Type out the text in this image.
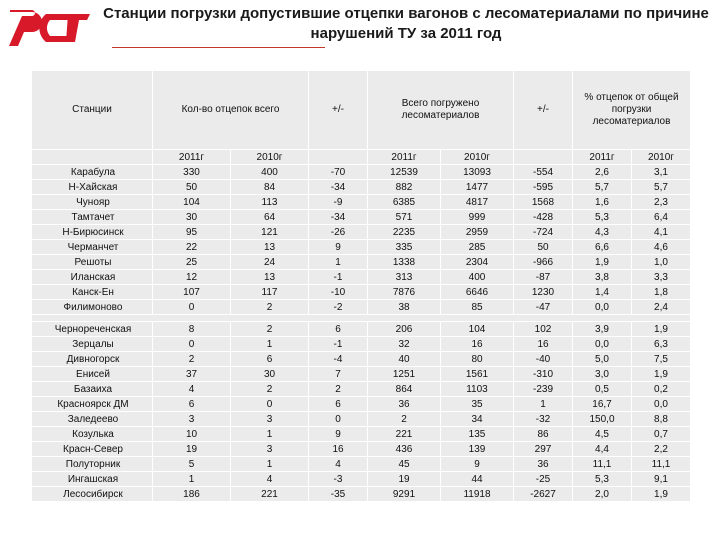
Станции погрузки допустившие отцепки вагонов с лесоматериалами по причине нарушений ТУ за 2011 год
Станции	Кол-во отцепок всего		+/-	Всего погружено лесоматериалов		+/-	% отцепок от общей погрузки лесоматериалов	

	2011г	2010г		2011г	2010г		2011г	2010г
Карабула	330	400	-70	12539	13093	-554	2,6	3,1
Н-Хайская	50	84	-34	882	1477	-595	5,7	5,7
Чунояр	104	113	-9	6385	4817	1568	1,6	2,3
Тамтачет	30	64	-34	571	999	-428	5,3	6,4
Н-Бирюсинск	95	121	-26	2235	2959	-724	4,3	4,1
Черманчет	22	13	9	335	285	50	6,6	4,6
Решоты	25	24	1	1338	2304	-966	1,9	1,0
Иланская	12	13	-1	313	400	-87	3,8	3,3
Канск-Ен	107	117	-10	7876	6646	1230	1,4	1,8
Филимоново	0	2	-2	38	85	-47	0,0	2,4

Чернореченская	8	2	6	206	104	102	3,9	1,9
Зерцалы	0	1	-1	32	16	16	0,0	6,3
Дивногорск	2	6	-4	40	80	-40	5,0	7,5
Енисей	37	30	7	1251	1561	-310	3,0	1,9
Базаиха	4	2	2	864	1103	-239	0,5	0,2
Красноярск ДМ	6	0	6	36	35	1	16,7	0,0
Заледеево	3	3	0	2	34	-32	150,0	8,8
Козулька	10	1	9	221	135	86	4,5	0,7
Красн-Север	19	3	16	436	139	297	4,4	2,2
Полуторник	5	1	4	45	9	36	11,1	11,1
Ингашская	1	4	-3	19	44	-25	5,3	9,1
Лесосибирск	186	221	-35	9291	11918	-2627	2,0	1,9
